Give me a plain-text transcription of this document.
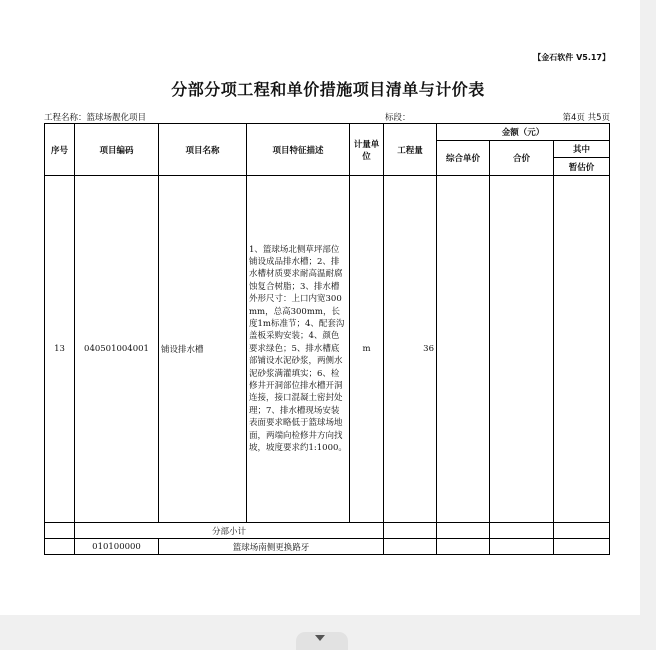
【金石软件 V5.17】
分部分项工程和单价措施项目清单与计价表
工程名称：篮球场靓化项目	标段：	第4页 共5页
序号	项目编码	项目名称	项目特征描述	计量单位	工程量	金额（元）		
						综合单价	合价	其中
								暂估价
13	040501004001	铺设排水槽	1、篮球场北侧草坪部位铺设成品排水槽；2、排水槽材质要求耐高温耐腐蚀复合树脂；3、排水槽外形尺寸：上口内宽300mm，总高300mm，长度1m标准节；4、配套沟盖板采购安装；4、颜色要求绿色；5、排水槽底部铺设水泥砂浆，两侧水泥砂浆满灌填实；6、检修井开洞部位排水槽开洞连接，接口混凝土密封处理；7、排水槽现场安装表面要求略低于篮球场地面，两端向检修井方向找坡，坡度要求约1:1000。	m	36			
	分部小计							
	010100000	篮球场南侧更换路牙						
